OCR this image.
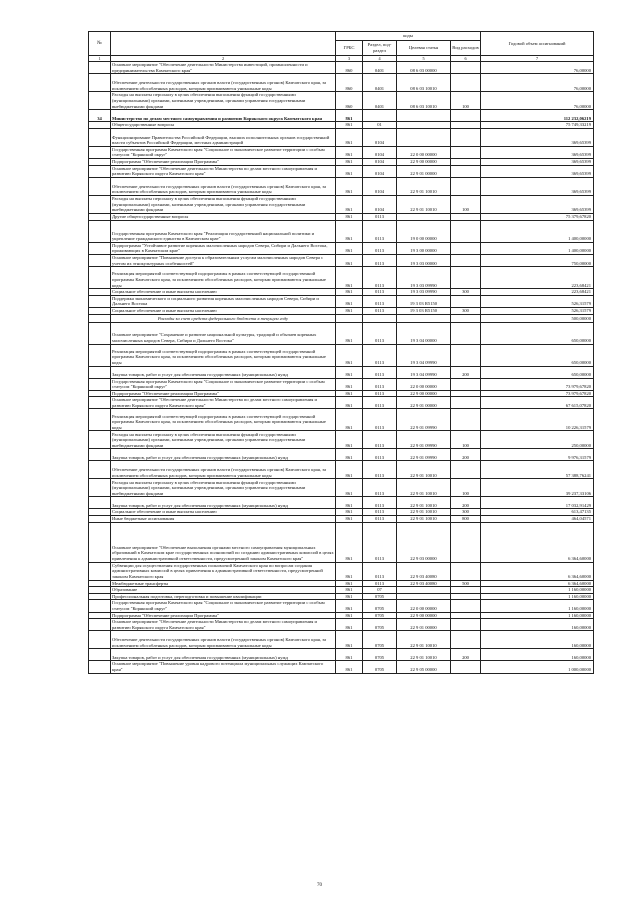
№		коды				Годовой объем ассигнований
		ГРБС	Раздел, под-раздел	Целевая статья	Вид расходов	
1	2	3	4	5	6	7
	Основное мероприятие "Обеспечение деятельности Министерства инвестиций, промышленности и предпринимательства Камчатского края"	860	0401	08 6 03 00000		76,00000
	Обеспечение деятельности государственных органов власти (государственных органов) Камчатского края, за исключением обособленных расходов, которым присваиваются уникальные коды	860	0401	08 6 03 10010		76,00000
	Расходы на выплаты персоналу в целях обеспечения выполнения функций государственными (муниципальными) органами, казенными учреждениями, органами управления государственными внебюджетными фондами	860	0401	08 6 03 10010	100	76,00000
34	Министерство по делам местного самоуправления и развитию Корякского округа Камчатского края	861				112 232,06219
	Общегосударственные вопросы	861	01			75 749,33219
	Функционирование Правительства Российской Федерации, высших исполнительных органов государственной власти субъектов Российской Федерации, местных администраций	861	0104			369,65399
	Государственная программа Камчатского края "Социальное и экономическое развитие территории с особым статусом "Корякский округ"	861	0104	22 0 00 00000		369,65399
	Подпрограмма "Обеспечение реализации Программы"	861	0104	22 9 00 00000		369,65399
	Основное мероприятие "Обеспечение деятельности Министерства по делам местного самоуправления и развитию Корякского округа Камчатского края"	861	0104	22 9 01 00000		369,65399
	Обеспечение деятельности государственных органов власти (государственных органов) Камчатского края, за исключением обособленных расходов, которым присваиваются уникальные коды	861	0104	22 9 01 10010		369,65399
	Расходы на выплаты персоналу в целях обеспечения выполнения функций государственными (муниципальными) органами, казенными учреждениями, органами управления государственными внебюджетными фондами	861	0104	22 9 01 10010	100	369,65399
	Другие общегосударственные вопросы	861	0113			75 379,67820
	Государственная программа Камчатского края "Реализация государственной национальной политики и укрепление гражданского единства в Камчатском крае"	861	0113	19 0 00 00000		1 400,00000
	Подпрограмма "Устойчивое развитие коренных малочисленных народов Севера, Сибири и Дальнего Востока, проживающих в Камчатском крае"	861	0113	19 3 00 00000		1 400,00000
	Основное мероприятие "Повышение доступа к образовательным услугам малочисленных народов Севера с учетом их этнокультурных особенностей"	861	0113	19 3 03 00000		750,00000
	Реализация мероприятий соответствующей подпрограммы в рамках соответствующей государственной программы Камчатского края, за исключением обособленных расходов, которым присваиваются уникальные коды	861	0113	19 3 03 09990		223,68421
	Социальное обеспечение и иные выплаты населению	861	0113	19 3 03 09990	300	223,68421
	Поддержка экономического и социального развития коренных малочисленных народов Севера, Сибири и Дальнего Востока	861	0113	19 3 03 R5150		526,31579
	Социальное обеспечение и иные выплаты населению	861	0113	19 3 03 R5150	300	526,31579
	Расходы за счет средств федерального бюджета в текущем году					500,00000
	Основное мероприятие "Сохранение и развитие национальной культуры, традиций и обычаев коренных малочисленных народов Севера, Сибири и Дальнего Востока"	861	0113	19 3 04 00000		650,00000
	Реализация мероприятий соответствующей подпрограммы в рамках соответствующей государственной программы Камчатского края, за исключением обособленных расходов, которым присваиваются уникальные коды	861	0113	19 3 04 09990		650,00000
	Закупка товаров, работ и услуг для обеспечения государственных (муниципальных) нужд	861	0113	19 3 04 09990	200	650,00000
	Государственная программа Камчатского края "Социальное и экономическое развитие территории с особым статусом "Корякский округ"	861	0113	22 0 00 00000		73 979,67820
	Подпрограмма "Обеспечение реализации Программы"	861	0113	22 9 00 00000		73 979,67820
	Основное мероприятие "Обеспечение деятельности Министерства по делам местного самоуправления и развитию Корякского округа Камчатского края"	861	0113	22 9 01 00000		67 615,07820
	Реализация мероприятий соответствующей подпрограммы в рамках соответствующей государственной программы Камчатского края, за исключением обособленных расходов, которым присваиваются уникальные коды	861	0113	22 9 01 09990		10 226,31579
	Расходы на выплаты персоналу в целях обеспечения выполнения функций государственными (муниципальными) органами, казенными учреждениями, органами управления государственными внебюджетными фондами	861	0113	22 9 01 09990	100	250,00000
	Закупка товаров, работ и услуг для обеспечения государственных (муниципальных) нужд	861	0113	22 9 01 09990	200	9 976,31579
	Обеспечение деятельности государственных органов власти (государственных органов) Камчатского края, за исключением обособленных расходов, которым присваиваются уникальные коды	861	0113	22 9 01 10010		57 388,76241
	Расходы на выплаты персоналу в целях обеспечения выполнения функций государственными (муниципальными) органами, казенными учреждениями, органами управления государственными внебюджетными фондами	861	0113	22 9 01 10010	100	39 237,33106
	Закупка товаров, работ и услуг для обеспечения государственных (муниципальных) нужд	861	0113	22 9 01 10010	200	17 032,91429
	Социальное обеспечение и иные выплаты населению	861	0113	22 9 01 10010	300	613,47135
	Иные бюджетные ассигнования	861	0113	22 9 01 10010	800	464,04571
	Основное мероприятие "Обеспечение выполнения органами местного самоуправления муниципальных образований в Камчатском крае государственных полномочий по созданию административных комиссий в целях привлечения к административной ответственности, предусмотренной законом Камчатского края"	861	0113	22 9 03 00000		6 364,60000
	Субвенции для осуществления государственных полномочий Камчатского края по вопросам создания административных комиссий в целях привлечения к административной ответственности, предусмотренной законом Камчатского края	861	0113	22 9 03 40080		6 364,60000
	Межбюджетные трансферты	861	0113	22 9 03 40080	500	6 364,60000
	Образование	861	07			1 160,00000
	Профессиональная подготовка, переподготовка и повышение квалификации	861	0705			1 160,00000
	Государственная программа Камчатского края "Социальное и экономическое развитие территории с особым статусом "Корякский округ"	861	0705	22 0 00 00000		1 160,00000
	Подпрограмма "Обеспечение реализации Программы"	861	0705	22 9 00 00000		1 160,00000
	Основное мероприятие "Обеспечение деятельности Министерства по делам местного самоуправления и развитию Корякского округа Камчатского края"	861	0705	22 9 01 00000		160,00000
	Обеспечение деятельности государственных органов власти (государственных органов) Камчатского края, за исключением обособленных расходов, которым присваиваются уникальные коды	861	0705	22 9 01 10010		160,00000
	Закупка товаров, работ и услуг для обеспечения государственных (муниципальных) нужд	861	0705	22 9 01 10010	200	160,00000
	Основное мероприятие "Повышение уровня кадрового потенциала муниципальных служащих Камчатского края"	861	0705	22 9 05 00000		1 000,00000
70
